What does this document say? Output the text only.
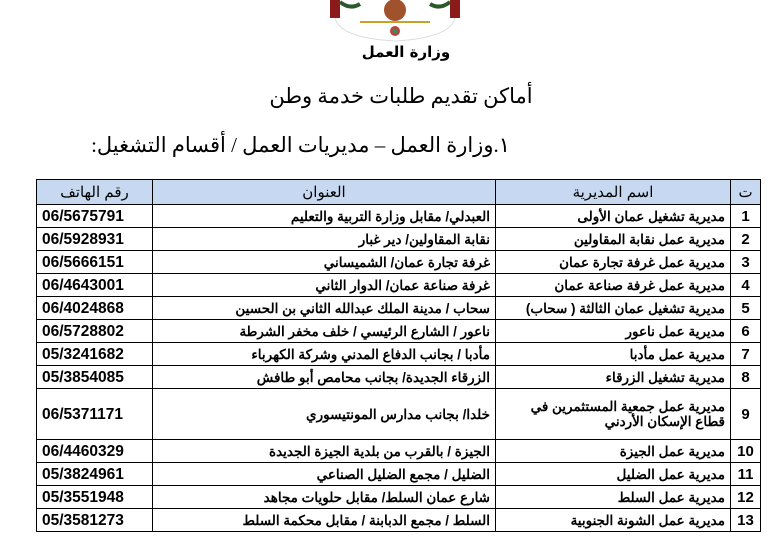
وزارة العمل
أماكن تقديم طلبات خدمة وطن
١.وزارة العمل – مديريات العمل / أقسام التشغيل:
ت	اسم المديرية	العنوان	رقم الهاتف
1	مديرية تشغيل عمان الأولى	العبدلي/ مقابل وزارة التربية والتعليم	06/5675791
2	مديرية عمل نقابة المقاولين	نقابة المقاولين/ دير غبار	06/5928931
3	مديرية عمل غرفة تجارة عمان	غرفة تجارة عمان/ الشميساني	06/5666151
4	مديرية عمل غرفة صناعة عمان	غرفة صناعة عمان/ الدوار الثاني	06/4643001
5	مديرية تشغيل عمان الثالثة ( سحاب)	سحاب / مدينة الملك عبدالله الثاني بن الحسين	06/4024868
6	مديرية عمل ناعور	ناعور / الشارع الرئيسي / خلف مخفر الشرطة	06/5728802
7	مديرية عمل مأدبا	مأدبا / بجانب الدفاع المدني وشركة الكهرباء	05/3241682
8	مديرية تشغيل الزرقاء	الزرقاء الجديدة/ بجانب محامص أبو طافش	05/3854085
9	مديرية عمل جمعية المستثمرين في قطاع الإسكان الأردني	خلدا/ بجانب مدارس المونتيسوري	06/5371171
10	مديرية عمل الجيزة	الجيزة / بالقرب من بلدية الجيزة الجديدة	06/4460329
11	مديرية عمل الضليل	الضليل / مجمع الضليل الصناعي	05/3824961
12	مديرية عمل السلط	شارع عمان السلط/ مقابل حلويات مجاهد	05/3551948
13	مديرية عمل الشونة الجنوبية	السلط / مجمع الدبابنة / مقابل محكمة السلط	05/3581273
